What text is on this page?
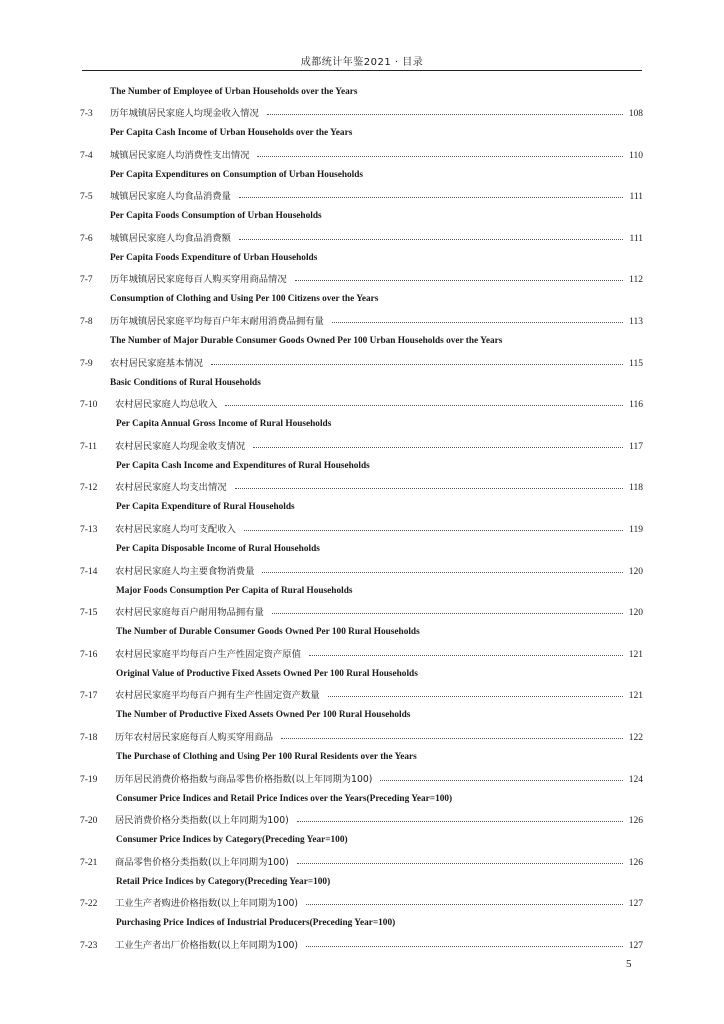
成都统计年鉴2021 · 目录
The Number of Employee of Urban Households over the Years
7-3	历年城镇居民家庭人均现金收入情况	108
Per Capita Cash Income of Urban Households over the Years
7-4	城镇居民家庭人均消费性支出情况	110
Per Capita Expenditures on Consumption of Urban Households
7-5	城镇居民家庭人均食品消费量	111
Per Capita Foods Consumption of Urban Households
7-6	城镇居民家庭人均食品消费额	111
Per Capita Foods Expenditure of Urban Households
7-7	历年城镇居民家庭每百人购买穿用商品情况	112
Consumption of Clothing and Using Per 100 Citizens over the Years
7-8	历年城镇居民家庭平均每百户年末耐用消费品拥有量	113
The Number of Major Durable Consumer Goods Owned Per 100 Urban Households over the Years
7-9	农村居民家庭基本情况	115
Basic Conditions of Rural Households
7-10	农村居民家庭人均总收入	116
Per Capita Annual Gross Income of Rural Households
7-11	农村居民家庭人均现金收支情况	117
Per Capita Cash Income and Expenditures of Rural Households
7-12	农村居民家庭人均支出情况	118
Per Capita Expenditure of Rural Households
7-13	农村居民家庭人均可支配收入	119
Per Capita Disposable Income of Rural Households
7-14	农村居民家庭人均主要食物消费量	120
Major Foods Consumption Per Capita of Rural Households
7-15	农村居民家庭每百户耐用物品拥有量	120
The Number of Durable Consumer Goods Owned Per 100 Rural Households
7-16	农村居民家庭平均每百户生产性固定资产原值	121
Original Value of Productive Fixed Assets Owned Per 100 Rural Households
7-17	农村居民家庭平均每百户拥有生产性固定资产数量	121
The Number of Productive Fixed Assets Owned Per 100 Rural Households
7-18	历年农村居民家庭每百人购买穿用商品	122
The Purchase of Clothing and Using Per 100 Rural Residents over the Years
7-19	历年居民消费价格指数与商品零售价格指数(以上年同期为100)	124
Consumer Price Indices and Retail Price Indices over the Years(Preceding Year=100)
7-20	居民消费价格分类指数(以上年同期为100)	126
Consumer Price Indices by Category(Preceding Year=100)
7-21	商品零售价格分类指数(以上年同期为100)	126
Retail Price Indices by Category(Preceding Year=100)
7-22	工业生产者购进价格指数(以上年同期为100)	127
Purchasing Price Indices of Industrial Producers(Preceding Year=100)
7-23	工业生产者出厂价格指数(以上年同期为100)	127
5
